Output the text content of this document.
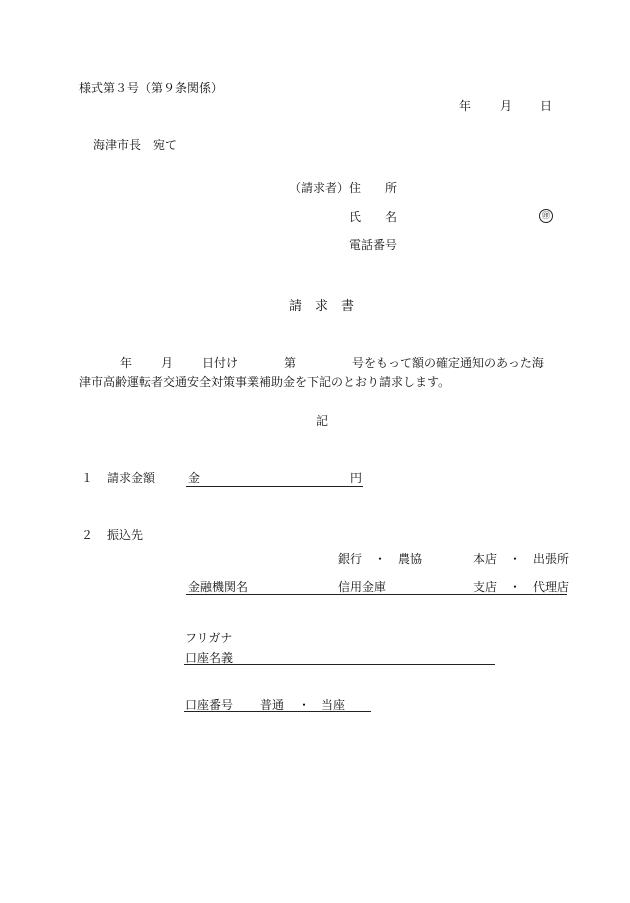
様式第３号（第９条関係）
年 月 日
海津市長　宛て
（請求者） 住　　所
氏　　名	㊞
電話番号
請　求　書
年 月 日付け	第	号をもって額の確定通知のあった海
津市高齢運転者交通安全対策事業補助金を下記のとおり請求します。
記
１ 請求金額	金	円
２ 振込先
銀行　・　農協	本店　・　出張所
金融機関名	信用金庫	支店　・　代理店
フリガナ
口座名義
口座番号 普通 ・ 当座
